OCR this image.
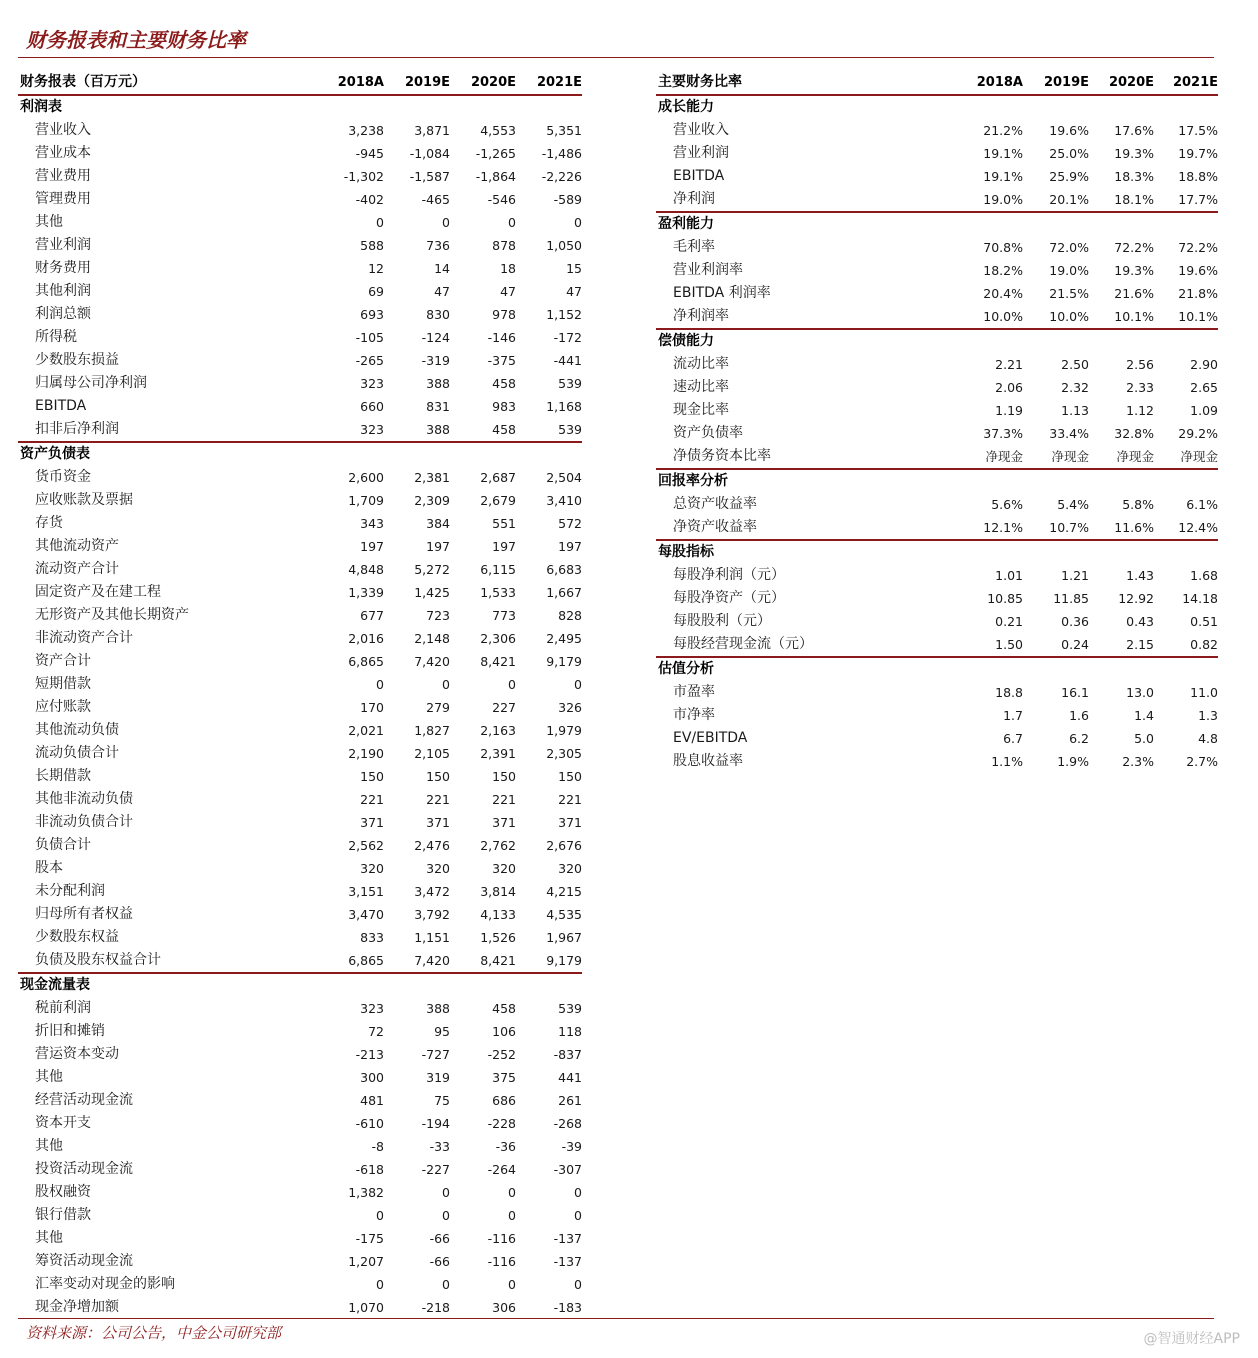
财务报表和主要财务比率
财务报表（百万元）	2018A	2019E	2020E	2021E
利润表				
营业收入	3,238	3,871	4,553	5,351
营业成本	-945	-1,084	-1,265	-1,486
营业费用	-1,302	-1,587	-1,864	-2,226
管理费用	-402	-465	-546	-589
其他	0	0	0	0
营业利润	588	736	878	1,050
财务费用	12	14	18	15
其他利润	69	47	47	47
利润总额	693	830	978	1,152
所得税	-105	-124	-146	-172
少数股东损益	-265	-319	-375	-441
归属母公司净利润	323	388	458	539
EBITDA	660	831	983	1,168
扣非后净利润	323	388	458	539
资产负债表				
货币资金	2,600	2,381	2,687	2,504
应收账款及票据	1,709	2,309	2,679	3,410
存货	343	384	551	572
其他流动资产	197	197	197	197
流动资产合计	4,848	5,272	6,115	6,683
固定资产及在建工程	1,339	1,425	1,533	1,667
无形资产及其他长期资产	677	723	773	828
非流动资产合计	2,016	2,148	2,306	2,495
资产合计	6,865	7,420	8,421	9,179
短期借款	0	0	0	0
应付账款	170	279	227	326
其他流动负债	2,021	1,827	2,163	1,979
流动负债合计	2,190	2,105	2,391	2,305
长期借款	150	150	150	150
其他非流动负债	221	221	221	221
非流动负债合计	371	371	371	371
负债合计	2,562	2,476	2,762	2,676
股本	320	320	320	320
未分配利润	3,151	3,472	3,814	4,215
归母所有者权益	3,470	3,792	4,133	4,535
少数股东权益	833	1,151	1,526	1,967
负债及股东权益合计	6,865	7,420	8,421	9,179
现金流量表				
税前利润	323	388	458	539
折旧和摊销	72	95	106	118
营运资本变动	-213	-727	-252	-837
其他	300	319	375	441
经营活动现金流	481	75	686	261
资本开支	-610	-194	-228	-268
其他	-8	-33	-36	-39
投资活动现金流	-618	-227	-264	-307
股权融资	1,382	0	0	0
银行借款	0	0	0	0
其他	-175	-66	-116	-137
筹资活动现金流	1,207	-66	-116	-137
汇率变动对现金的影响	0	0	0	0
现金净增加额	1,070	-218	306	-183
主要财务比率	2018A	2019E	2020E	2021E
成长能力				
营业收入	21.2%	19.6%	17.6%	17.5%
营业利润	19.1%	25.0%	19.3%	19.7%
EBITDA	19.1%	25.9%	18.3%	18.8%
净利润	19.0%	20.1%	18.1%	17.7%
盈利能力				
毛利率	70.8%	72.0%	72.2%	72.2%
营业利润率	18.2%	19.0%	19.3%	19.6%
EBITDA 利润率	20.4%	21.5%	21.6%	21.8%
净利润率	10.0%	10.0%	10.1%	10.1%
偿债能力				
流动比率	2.21	2.50	2.56	2.90
速动比率	2.06	2.32	2.33	2.65
现金比率	1.19	1.13	1.12	1.09
资产负债率	37.3%	33.4%	32.8%	29.2%
净债务资本比率	净现金	净现金	净现金	净现金
回报率分析				
总资产收益率	5.6%	5.4%	5.8%	6.1%
净资产收益率	12.1%	10.7%	11.6%	12.4%
每股指标				
每股净利润（元）	1.01	1.21	1.43	1.68
每股净资产（元）	10.85	11.85	12.92	14.18
每股股利（元）	0.21	0.36	0.43	0.51
每股经营现金流（元）	1.50	0.24	2.15	0.82
估值分析				
市盈率	18.8	16.1	13.0	11.0
市净率	1.7	1.6	1.4	1.3
EV/EBITDA	6.7	6.2	5.0	4.8
股息收益率	1.1%	1.9%	2.3%	2.7%
资料来源：公司公告，中金公司研究部	@智通财经APP
